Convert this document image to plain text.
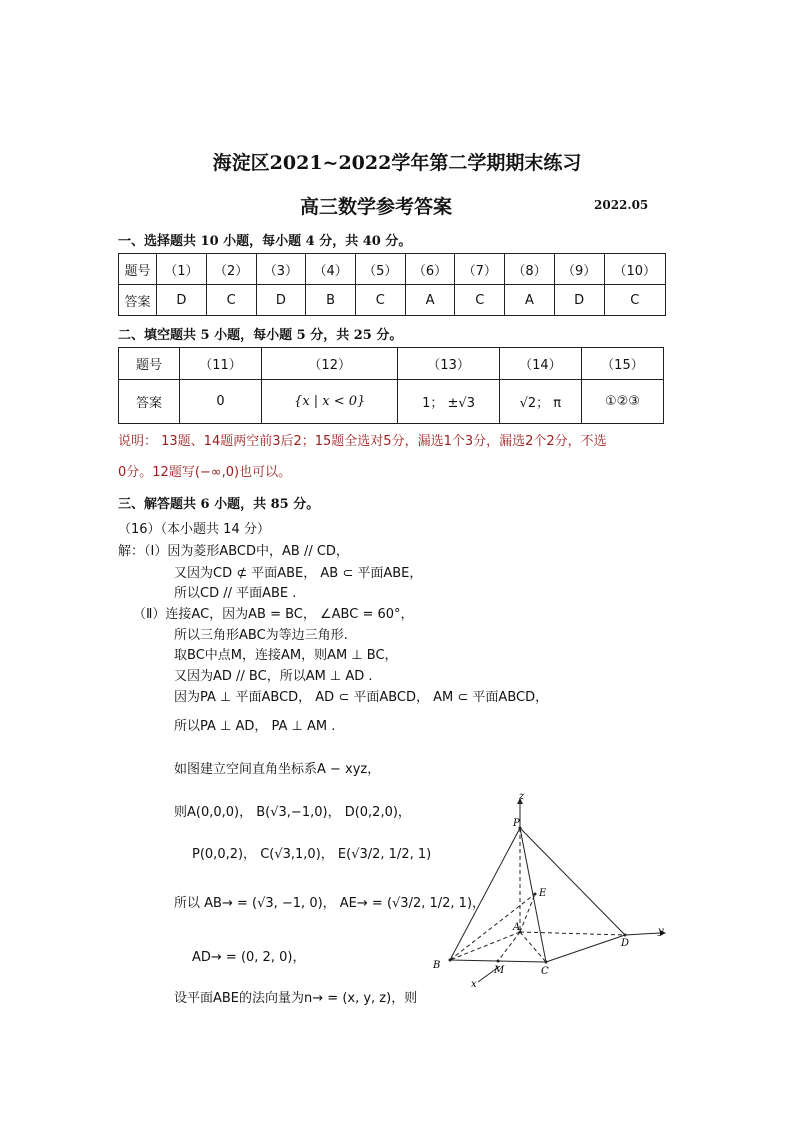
海淀区2021~2022学年第二学期期末练习
高三数学参考答案	2022.05
一、选择题共 10 小题，每小题 4 分，共 40 分。
题号	（1）	（2）	（3）	（4）	（5）	（6）	（7）	（8）	（9）	（10）
答案	D	C	D	B	C	A	C	A	D	C
二、填空题共 5 小题，每小题 5 分，共 25 分。
题号	（11）	（12）	（13）	（14）	（15）
答案	0	{x | x < 0}	1； ±√3	√2； π	①②③
说明： 13题、14题两空前3后2；15题全选对5分，漏选1个3分，漏选2个2分，不选
0分。12题写(−∞,0)也可以。
三、解答题共 6 小题，共 85 分。
（16）（本小题共 14 分）
解：（Ⅰ）因为菱形ABCD中，AB // CD，
又因为CD ⊄ 平面ABE， AB ⊂ 平面ABE，
所以CD // 平面ABE .
（Ⅱ）连接AC，因为AB = BC， ∠ABC = 60°，
所以三角形ABC为等边三角形.
取BC中点M，连接AM，则AM ⊥ BC，
又因为AD // BC，所以AM ⊥ AD .
因为PA ⊥ 平面ABCD， AD ⊂ 平面ABCD， AM ⊂ 平面ABCD，
所以PA ⊥ AD， PA ⊥ AM .
如图建立空间直角坐标系A − xyz，
则A(0,0,0)， B(√3,−1,0)， D(0,2,0)，
P(0,0,2)， C(√3,1,0)， E(√3/2, 1/2, 1)
所以 AB→ = (√3, −1, 0)， AE→ = (√3/2, 1/2, 1)，
AD→ = (0, 2, 0)，
设平面ABE的法向量为n→ = (x, y, z)，则
z
P
E
A
D
y
B	M	C
x
